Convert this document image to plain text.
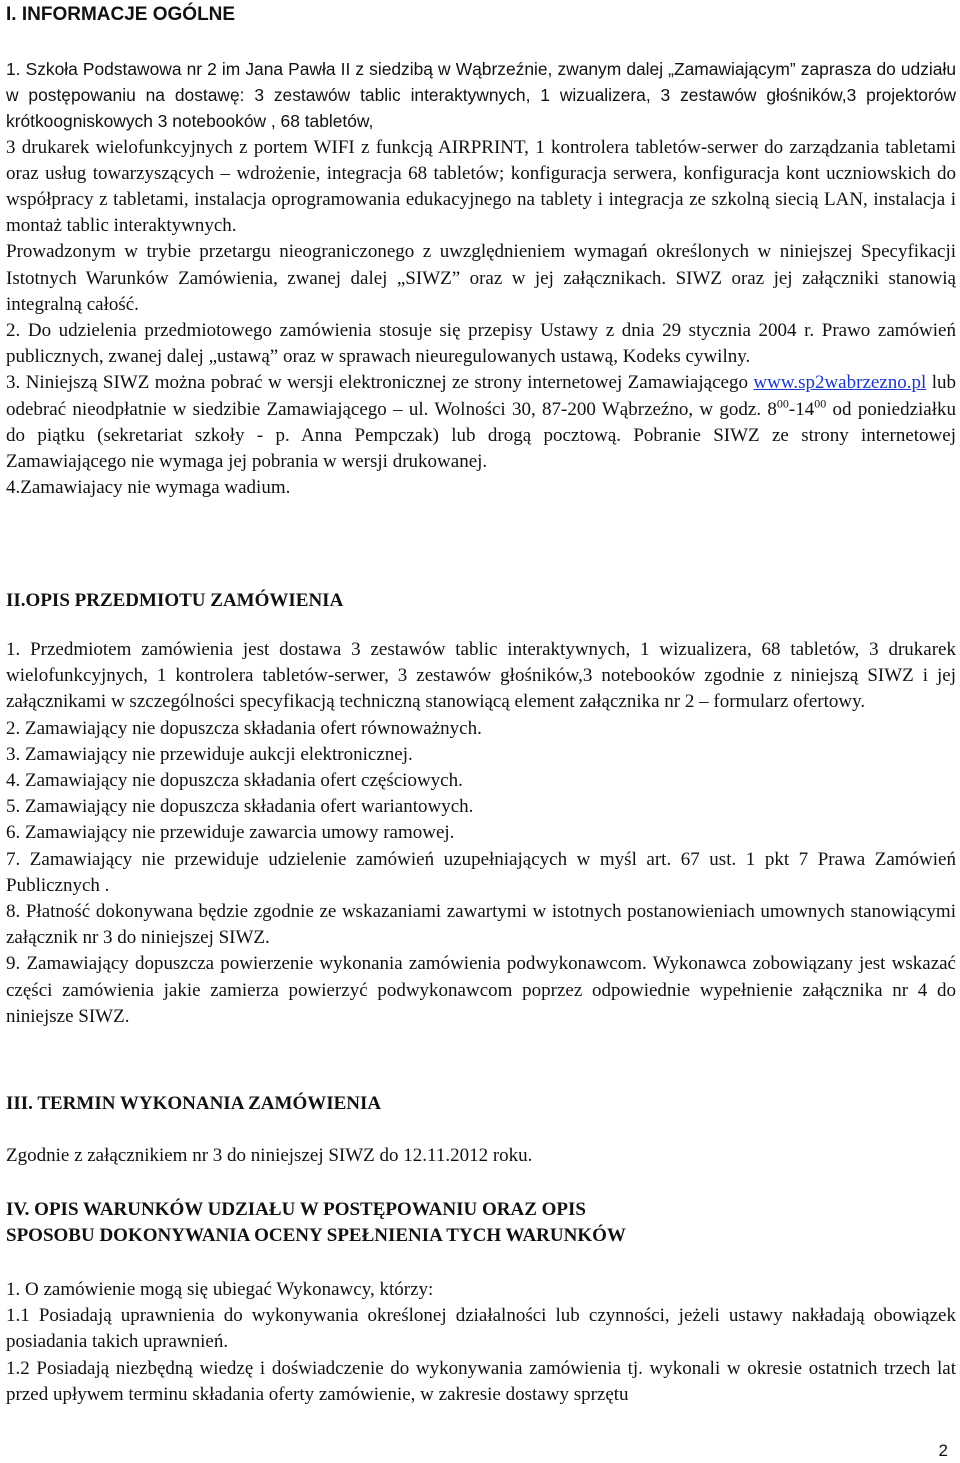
I. INFORMACJE OGÓLNE

1. Szkoła Podstawowa nr 2 im Jana Pawła II z siedzibą w Wąbrzeźnie, zwanym dalej „Zamawiającym” zaprasza do udziału w postępowaniu na dostawę: 3 zestawów tablic interaktywnych, 1 wizualizera, 3 zestawów głośników,3 projektorów krótkoogniskowych 3 notebooków , 68 tabletów,

3 drukarek wielofunkcyjnych z portem WIFI z funkcją AIRPRINT, 1 kontrolera tabletów-serwer do zarządzania tabletami oraz usług towarzyszących – wdrożenie, integracja 68 tabletów; konfiguracja serwera, konfiguracja kont uczniowskich do współpracy z tabletami, instalacja oprogramowania edukacyjnego na tablety i integracja ze szkolną siecią LAN, instalacja i montaż tablic interaktywnych.

Prowadzonym w trybie przetargu nieograniczonego z uwzględnieniem wymagań określonych w niniejszej Specyfikacji Istotnych Warunków Zamówienia, zwanej dalej „SIWZ” oraz w jej załącznikach. SIWZ oraz jej załączniki stanowią integralną całość.

2. Do udzielenia przedmiotowego zamówienia stosuje się przepisy Ustawy z dnia 29 stycznia 2004 r. Prawo zamówień publicznych, zwanej dalej „ustawą” oraz w sprawach nieuregulowanych ustawą, Kodeks cywilny.

3. Niniejszą SIWZ można pobrać w wersji elektronicznej ze strony internetowej Zamawiającego www.sp2wabrzezno.pl lub odebrać nieodpłatnie w siedzibie Zamawiającego – ul. Wolności 30, 87-200 Wąbrzeźno, w godz. $8^{00}-14^{00}$ od poniedziałku do piątku (sekretariat szkoły - p. Anna Pempczak) lub drogą pocztową. Pobranie SIWZ ze strony internetowej Zamawiającego nie wymaga jej pobrania w wersji drukowanej.

4.Zamawiajacy nie wymaga wadium.

II.OPIS PRZEDMIOTU ZAMÓWIENIA

1. Przedmiotem zamówienia jest dostawa 3 zestawów tablic interaktywnych, 1 wizualizera, 68 tabletów, 3 drukarek wielofunkcyjnych, 1 kontrolera tabletów-serwer, 3 zestawów głośników,3 notebooków zgodnie z niniejszą SIWZ i jej załącznikami w szczególności specyfikacją techniczną stanowiącą element załącznika nr 2 – formularz ofertowy.

2. Zamawiający nie dopuszcza składania ofert równoważnych.

3. Zamawiający nie przewiduje aukcji elektronicznej.

4. Zamawiający nie dopuszcza składania ofert częściowych.

5. Zamawiający nie dopuszcza składania ofert wariantowych.

6. Zamawiający nie przewiduje zawarcia umowy ramowej.

7. Zamawiający nie przewiduje udzielenie zamówień uzupełniających w myśl art. 67 ust. 1 pkt 7 Prawa Zamówień Publicznych .

8. Płatność dokonywana będzie zgodnie ze wskazaniami zawartymi w istotnych postanowieniach umownych stanowiącymi załącznik nr 3 do niniejszej SIWZ.

9. Zamawiający dopuszcza powierzenie wykonania zamówienia podwykonawcom. Wykonawca zobowiązany jest wskazać części zamówienia jakie zamierza powierzyć podwykonawcom poprzez odpowiednie wypełnienie załącznika nr 4 do niniejsze SIWZ.

III. TERMIN WYKONANIA ZAMÓWIENIA

Zgodnie z załącznikiem nr 3 do niniejszej SIWZ do 12.11.2012 roku.

IV. OPIS WARUNKÓW UDZIAŁU W POSTĘPOWANIU ORAZ OPIS
SPOSOBU DOKONYWANIA OCENY SPEŁNIENIA TYCH WARUNKÓW

1. O zamówienie mogą się ubiegać Wykonawcy, którzy:

1.1 Posiadają uprawnienia do wykonywania określonej działalności lub czynności, jeżeli ustawy nakładają obowiązek posiadania takich uprawnień.

1.2 Posiadają niezbędną wiedzę i doświadczenie do wykonywania zamówienia tj. wykonali w okresie ostatnich trzech lat przed upływem terminu składania oferty zamówienie, w zakresie dostawy sprzętu

2
